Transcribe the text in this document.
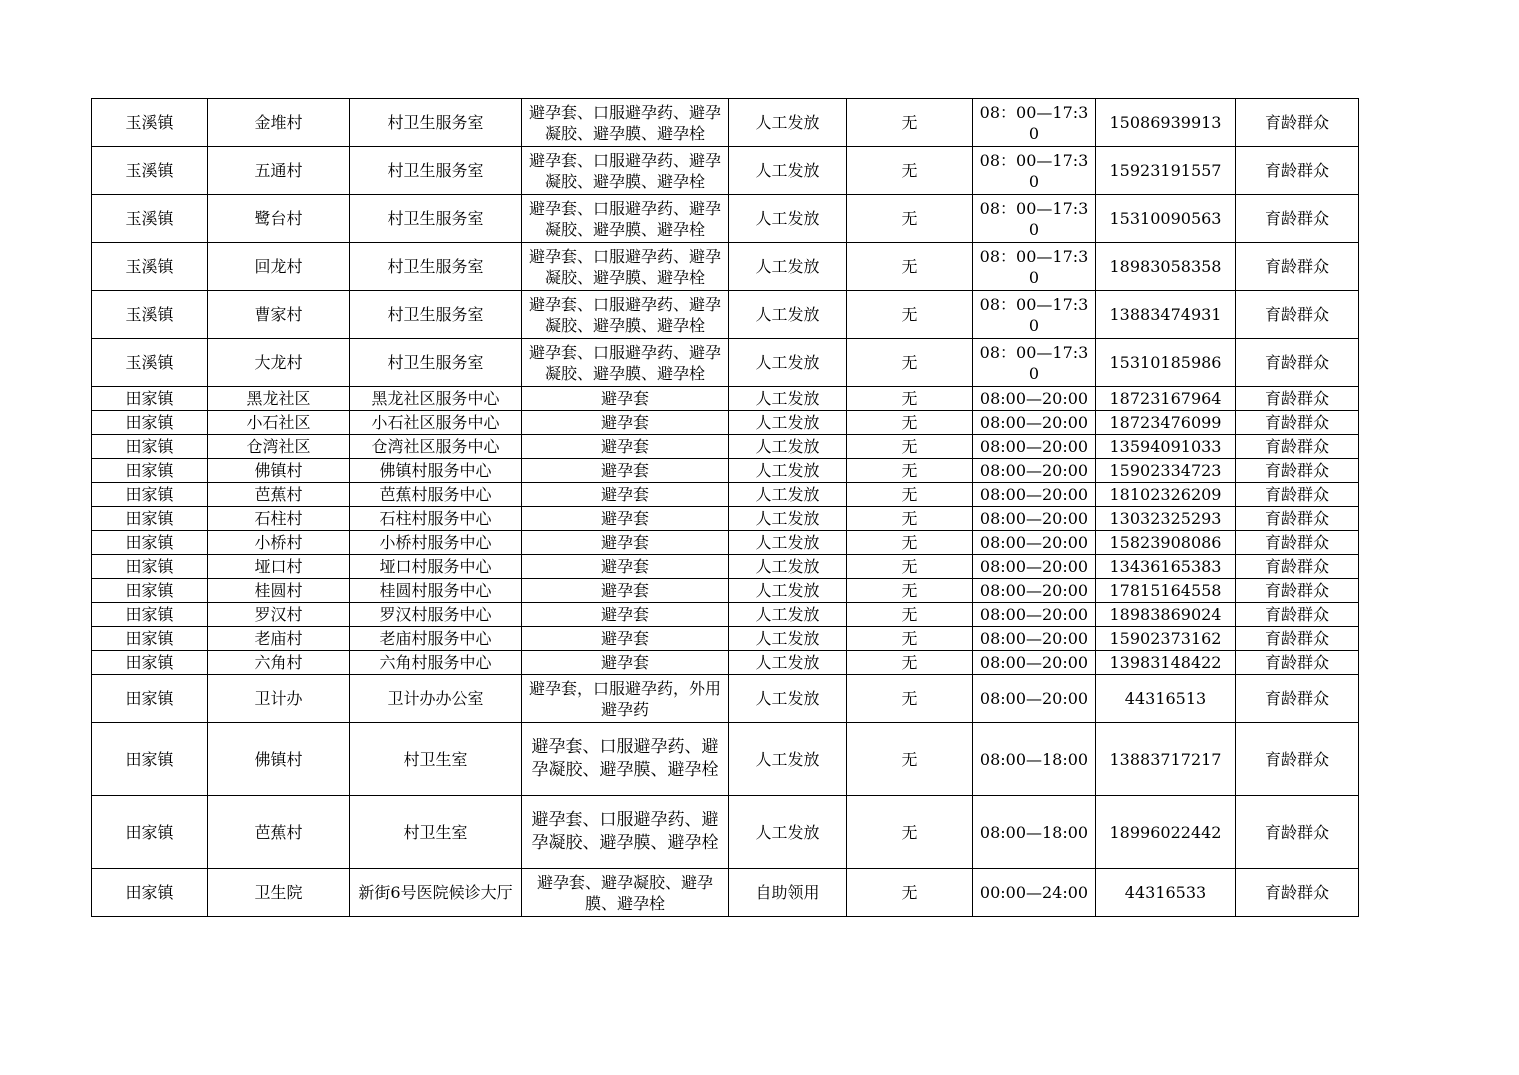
玉溪镇	金堆村	村卫生服务室	避孕套、口服避孕药、避孕凝胶、避孕膜、避孕栓	人工发放	无	08：00—17:30	15086939913	育龄群众
玉溪镇	五通村	村卫生服务室	避孕套、口服避孕药、避孕凝胶、避孕膜、避孕栓	人工发放	无	08：00—17:30	15923191557	育龄群众
玉溪镇	鹭台村	村卫生服务室	避孕套、口服避孕药、避孕凝胶、避孕膜、避孕栓	人工发放	无	08：00—17:30	15310090563	育龄群众
玉溪镇	回龙村	村卫生服务室	避孕套、口服避孕药、避孕凝胶、避孕膜、避孕栓	人工发放	无	08：00—17:30	18983058358	育龄群众
玉溪镇	曹家村	村卫生服务室	避孕套、口服避孕药、避孕凝胶、避孕膜、避孕栓	人工发放	无	08：00—17:30	13883474931	育龄群众
玉溪镇	大龙村	村卫生服务室	避孕套、口服避孕药、避孕凝胶、避孕膜、避孕栓	人工发放	无	08：00—17:30	15310185986	育龄群众
田家镇	黑龙社区	黑龙社区服务中心	避孕套	人工发放	无	08:00—20:00	18723167964	育龄群众
田家镇	小石社区	小石社区服务中心	避孕套	人工发放	无	08:00—20:00	18723476099	育龄群众
田家镇	仓湾社区	仓湾社区服务中心	避孕套	人工发放	无	08:00—20:00	13594091033	育龄群众
田家镇	佛镇村	佛镇村服务中心	避孕套	人工发放	无	08:00—20:00	15902334723	育龄群众
田家镇	芭蕉村	芭蕉村服务中心	避孕套	人工发放	无	08:00—20:00	18102326209	育龄群众
田家镇	石柱村	石柱村服务中心	避孕套	人工发放	无	08:00—20:00	13032325293	育龄群众
田家镇	小桥村	小桥村服务中心	避孕套	人工发放	无	08:00—20:00	15823908086	育龄群众
田家镇	垭口村	垭口村服务中心	避孕套	人工发放	无	08:00—20:00	13436165383	育龄群众
田家镇	桂圆村	桂圆村服务中心	避孕套	人工发放	无	08:00—20:00	17815164558	育龄群众
田家镇	罗汉村	罗汉村服务中心	避孕套	人工发放	无	08:00—20:00	18983869024	育龄群众
田家镇	老庙村	老庙村服务中心	避孕套	人工发放	无	08:00—20:00	15902373162	育龄群众
田家镇	六角村	六角村服务中心	避孕套	人工发放	无	08:00—20:00	13983148422	育龄群众
田家镇	卫计办	卫计办办公室	避孕套，口服避孕药，外用避孕药	人工发放	无	08:00—20:00	44316513	育龄群众
田家镇	佛镇村	村卫生室	避孕套、口服避孕药、避孕凝胶、避孕膜、避孕栓	人工发放	无	08:00—18:00	13883717217	育龄群众
田家镇	芭蕉村	村卫生室	避孕套、口服避孕药、避孕凝胶、避孕膜、避孕栓	人工发放	无	08:00—18:00	18996022442	育龄群众
田家镇	卫生院	新街6号医院候诊大厅	避孕套、避孕凝胶、避孕膜、避孕栓	自助领用	无	00:00—24:00	44316533	育龄群众
